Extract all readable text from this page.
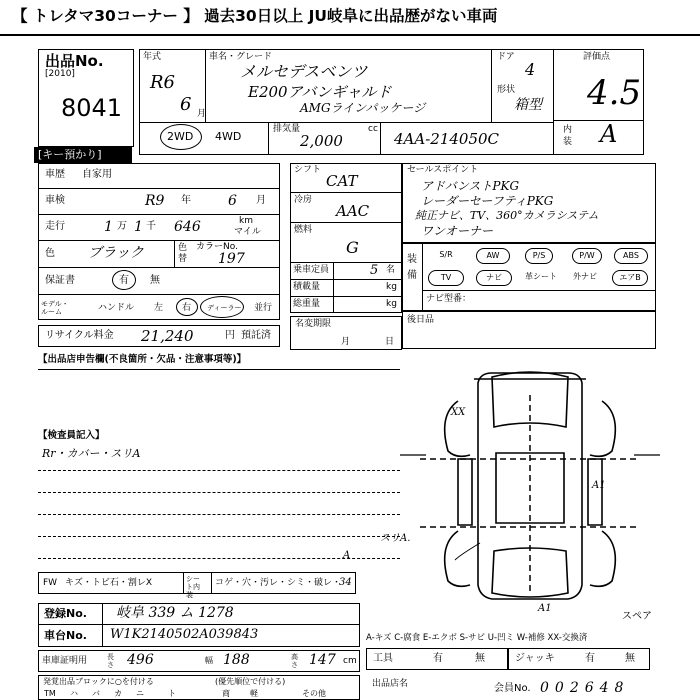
【 トレタマ30コーナー 】 過去30日以上 JU岐阜に出品歴がない車両
出品No.
[2010]
8041
[キー預かり]
年式
R6
6 月
車名・グレード
メルセデスベンツ
E200アバンギャルド
AMGラインパッケージ
ドア
4
形状
箱型
評価点
4.5
内装 A
2WD 4WD
排気量
2,000
cc
4AA-214050C
車歴 自家用
車検	R9 年	6 月
走行	1 万 1 千 646	km
マイル
色 ブラック	色替
カラーNo.
197
保証書	有 無
モデル・ルーム	ハンドル 左 右 ディーラー 並行
リサイクル料金 21,240	円 預託済
シフト
CAT
冷房
AAC
燃料
G
乗車定員	5 名
積載量	kg
総重量	kg
名変期限
月	日
セールスポイント
アドバンストPKG
レーダーセーフティPKG
純正ナビ、TV、360°カメラシステム
ワンオーナー
装備
ナビ型番：
S/R	AW	P/S	P/W	ABS
TV	ナビ	革シート	外ナビ	エアB
後日品
【出品店申告欄(不良箇所・欠品・注意事項等)】
【検査員記入】
Rr・カバー・スリA
XX
A1
スリA.
A
A1
スペア
FW キズ・トビ石・割レX	シート内装
コゲ・穴・汚レ・シミ・破レ・
34
登録No. 岐阜 339 ム 1278
車台No. W1K2140502A039843	A-キズ C-腐食 E-エクボ S-サビ U-凹ミ W-補修 XX-交換済
車庫証明用	長さ 496	幅 188	高さ 147 cm 工具	有	無	ジャッキ	有	無
発覚出品ブロックに○を付ける	(優先順位で付ける)
TM ハ バ カ ニ	ト	商	軽	その他
出品店名	会員No. 002648
